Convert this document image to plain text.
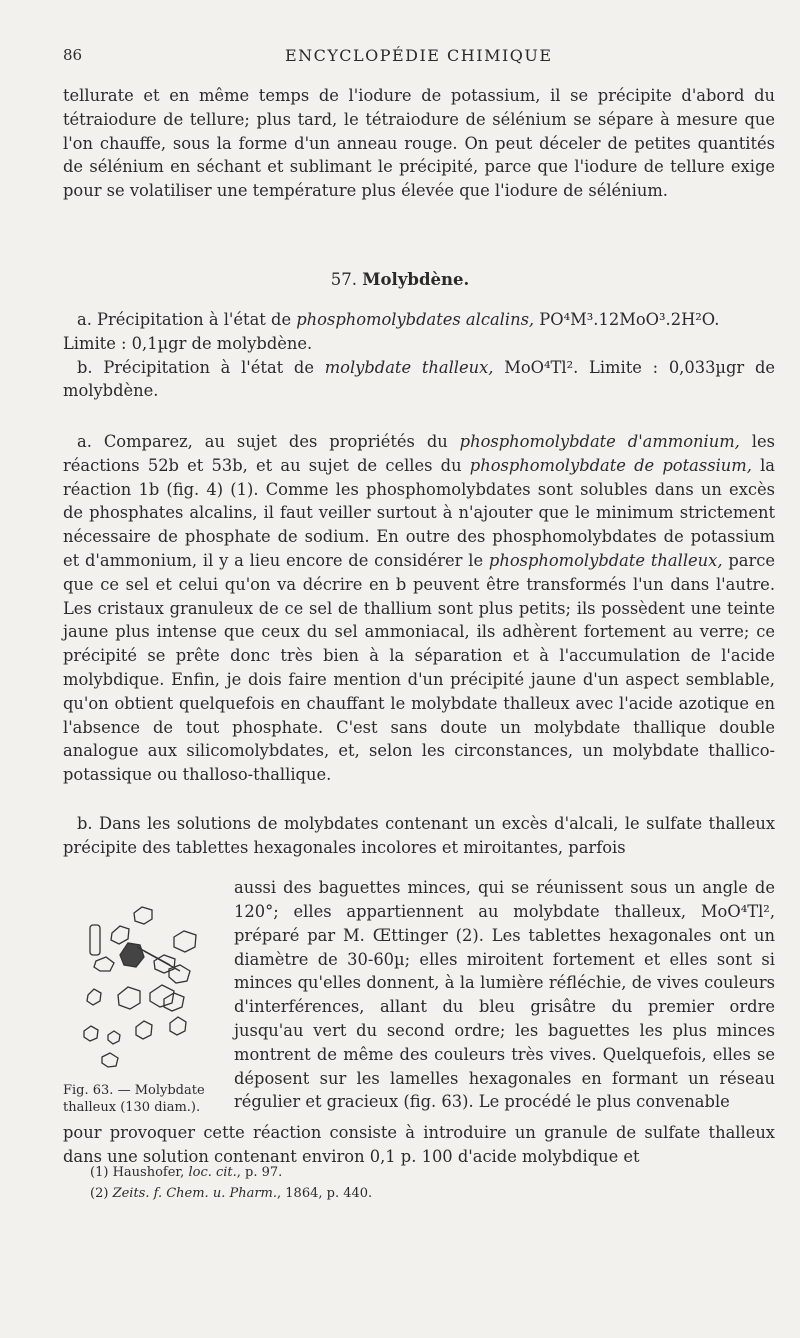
86	ENCYCLOPÉDIE CHIMIQUE

tellurate et en même temps de l'iodure de potassium, il se précipite d'abord du tétraiodure de tellure; plus tard, le tétraiodure de sélénium se sépare à mesure que l'on chauffe, sous la forme d'un anneau rouge. On peut déceler de petites quantités de sélénium en séchant et sublimant le précipité, parce que l'iodure de tellure exige pour se volatiliser une température plus élevée que l'iodure de sélénium.

57. Molybdène.

a. Précipitation à l'état de phosphomolybdates alcalins, PO⁴M³.12MoO³.2H²O.

Limite : 0,1µgr de molybdène.

b. Précipitation à l'état de molybdate thalleux, MoO⁴Tl². Limite : 0,033µgr de molybdène.

a. Comparez, au sujet des propriétés du phosphomolybdate d'ammonium, les réactions 52b et 53b, et au sujet de celles du phosphomolybdate de potassium, la réaction 1b (fig. 4) (1). Comme les phosphomolybdates sont solubles dans un excès de phosphates alcalins, il faut veiller surtout à n'ajouter que le minimum strictement nécessaire de phosphate de sodium. En outre des phosphomolybdates de potassium et d'ammonium, il y a lieu encore de considérer le phosphomolybdate thalleux, parce que ce sel et celui qu'on va décrire en b peuvent être transformés l'un dans l'autre. Les cristaux granuleux de ce sel de thallium sont plus petits; ils possèdent une teinte jaune plus intense que ceux du sel ammoniacal, ils adhèrent fortement au verre; ce précipité se prête donc très bien à la séparation et à l'accumulation de l'acide molybdique. Enfin, je dois faire mention d'un précipité jaune d'un aspect semblable, qu'on obtient quelquefois en chauffant le molybdate thalleux avec l'acide azotique en l'absence de tout phosphate. C'est sans doute un molybdate thallique double analogue aux silicomolybdates, et, selon les circonstances, un molybdate thallico-potassique ou thalloso-thallique.

b. Dans les solutions de molybdates contenant un excès d'alcali, le sulfate thalleux précipite des tablettes hexagonales incolores et miroitantes, parfois

aussi des baguettes minces, qui se réunissent sous un angle de 120°; elles appartiennent au molybdate thalleux, MoO⁴Tl², préparé par M. Œttinger (2). Les tablettes hexagonales ont un diamètre de 30-60µ; elles miroitent fortement et elles sont si minces qu'elles donnent, à la lumière réfléchie, de vives couleurs d'interférences, allant du bleu grisâtre du premier ordre jusqu'au vert du second ordre; les baguettes les plus minces montrent de même des couleurs très vives. Quelquefois, elles se déposent sur les lamelles hexagonales en formant un réseau régulier et gracieux (fig. 63). Le procédé le plus convenable

Fig. 63. — Molybdate thalleux (130 diam.).

pour provoquer cette réaction consiste à introduire un granule de sulfate thalleux dans une solution contenant environ 0,1 p. 100 d'acide molybdique et

(1) Haushofer, loc. cit., p. 97.

(2) Zeits. f. Chem. u. Pharm., 1864, p. 440.
